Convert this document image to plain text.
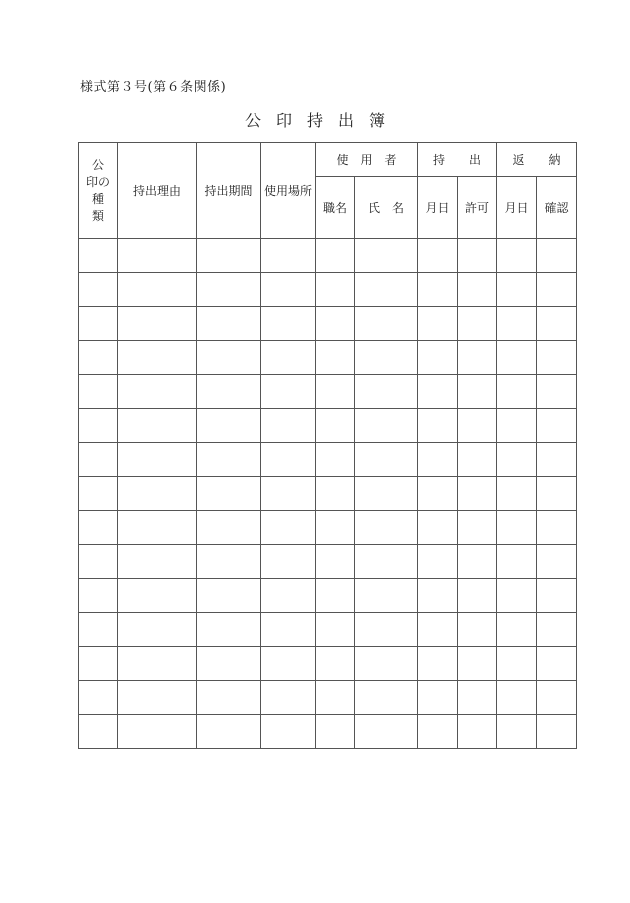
様式第３号(第６条関係)
公印持出簿
公
印の
種
類	持出理由	持出期間	使用場所	使　用　者		持　　出		返　　納	
				職名	氏　名	月日	許可	月日	確認
